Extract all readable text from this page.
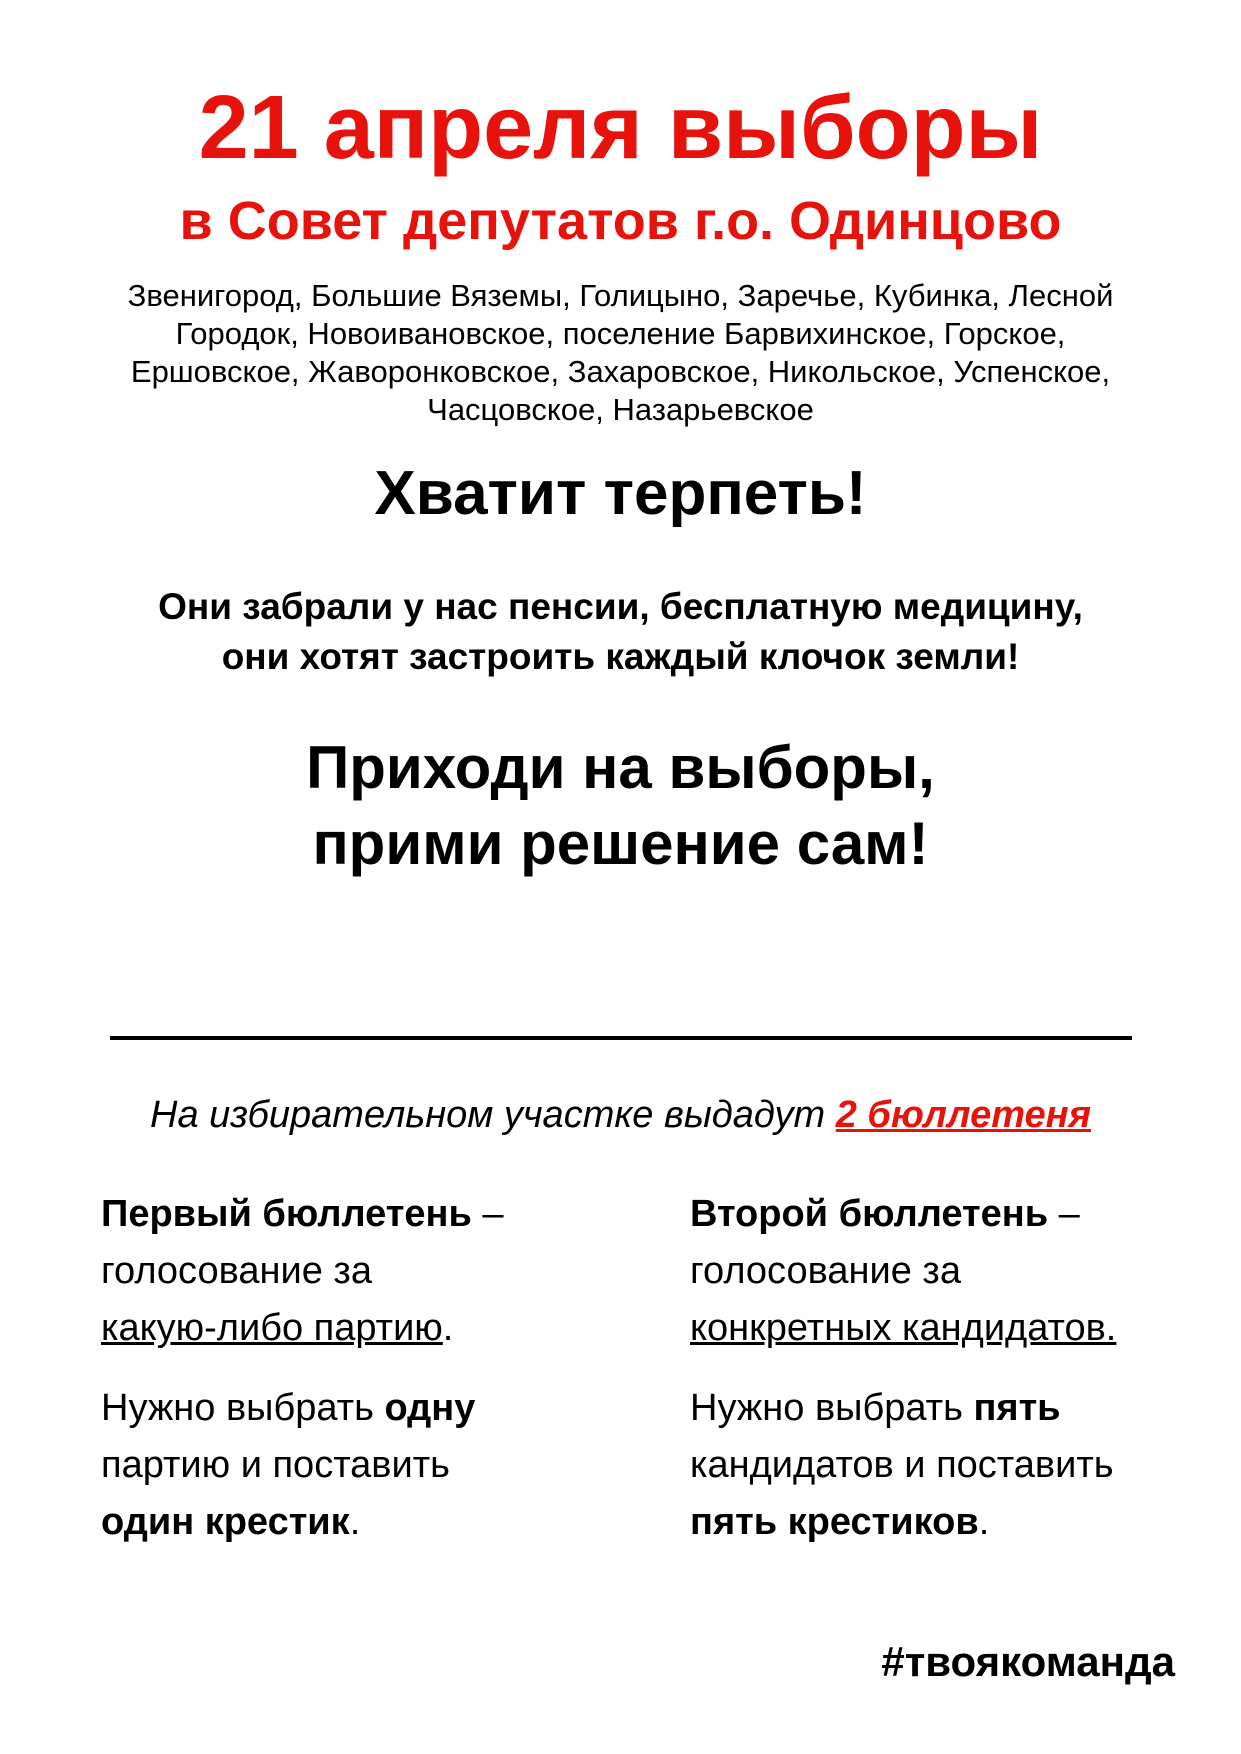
21 апреля выборы
в Совет депутатов г.о. Одинцово
Звенигород, Большие Вяземы, Голицыно, Заречье, Кубинка, Лесной
Городок, Новоивановское, поселение Барвихинское, Горское,
Ершовское, Жаворонковское, Захаровское, Никольское, Успенское,
Часцовское, Назарьевское
Хватит терпеть!
Они забрали у нас пенсии, бесплатную медицину,
они хотят застроить каждый клочок земли!
Приходи на выборы,
прими решение сам!
На избирательном участке выдадут 2 бюллетеня

Первый бюллетень –

голосование за

какую-либо партию.

Нужно выбрать одну

партию и поставить

один крестик.

Второй бюллетень –

голосование за

конкретных кандидатов.

Нужно выбрать пять

кандидатов и поставить

пять крестиков.

#твоякоманда
